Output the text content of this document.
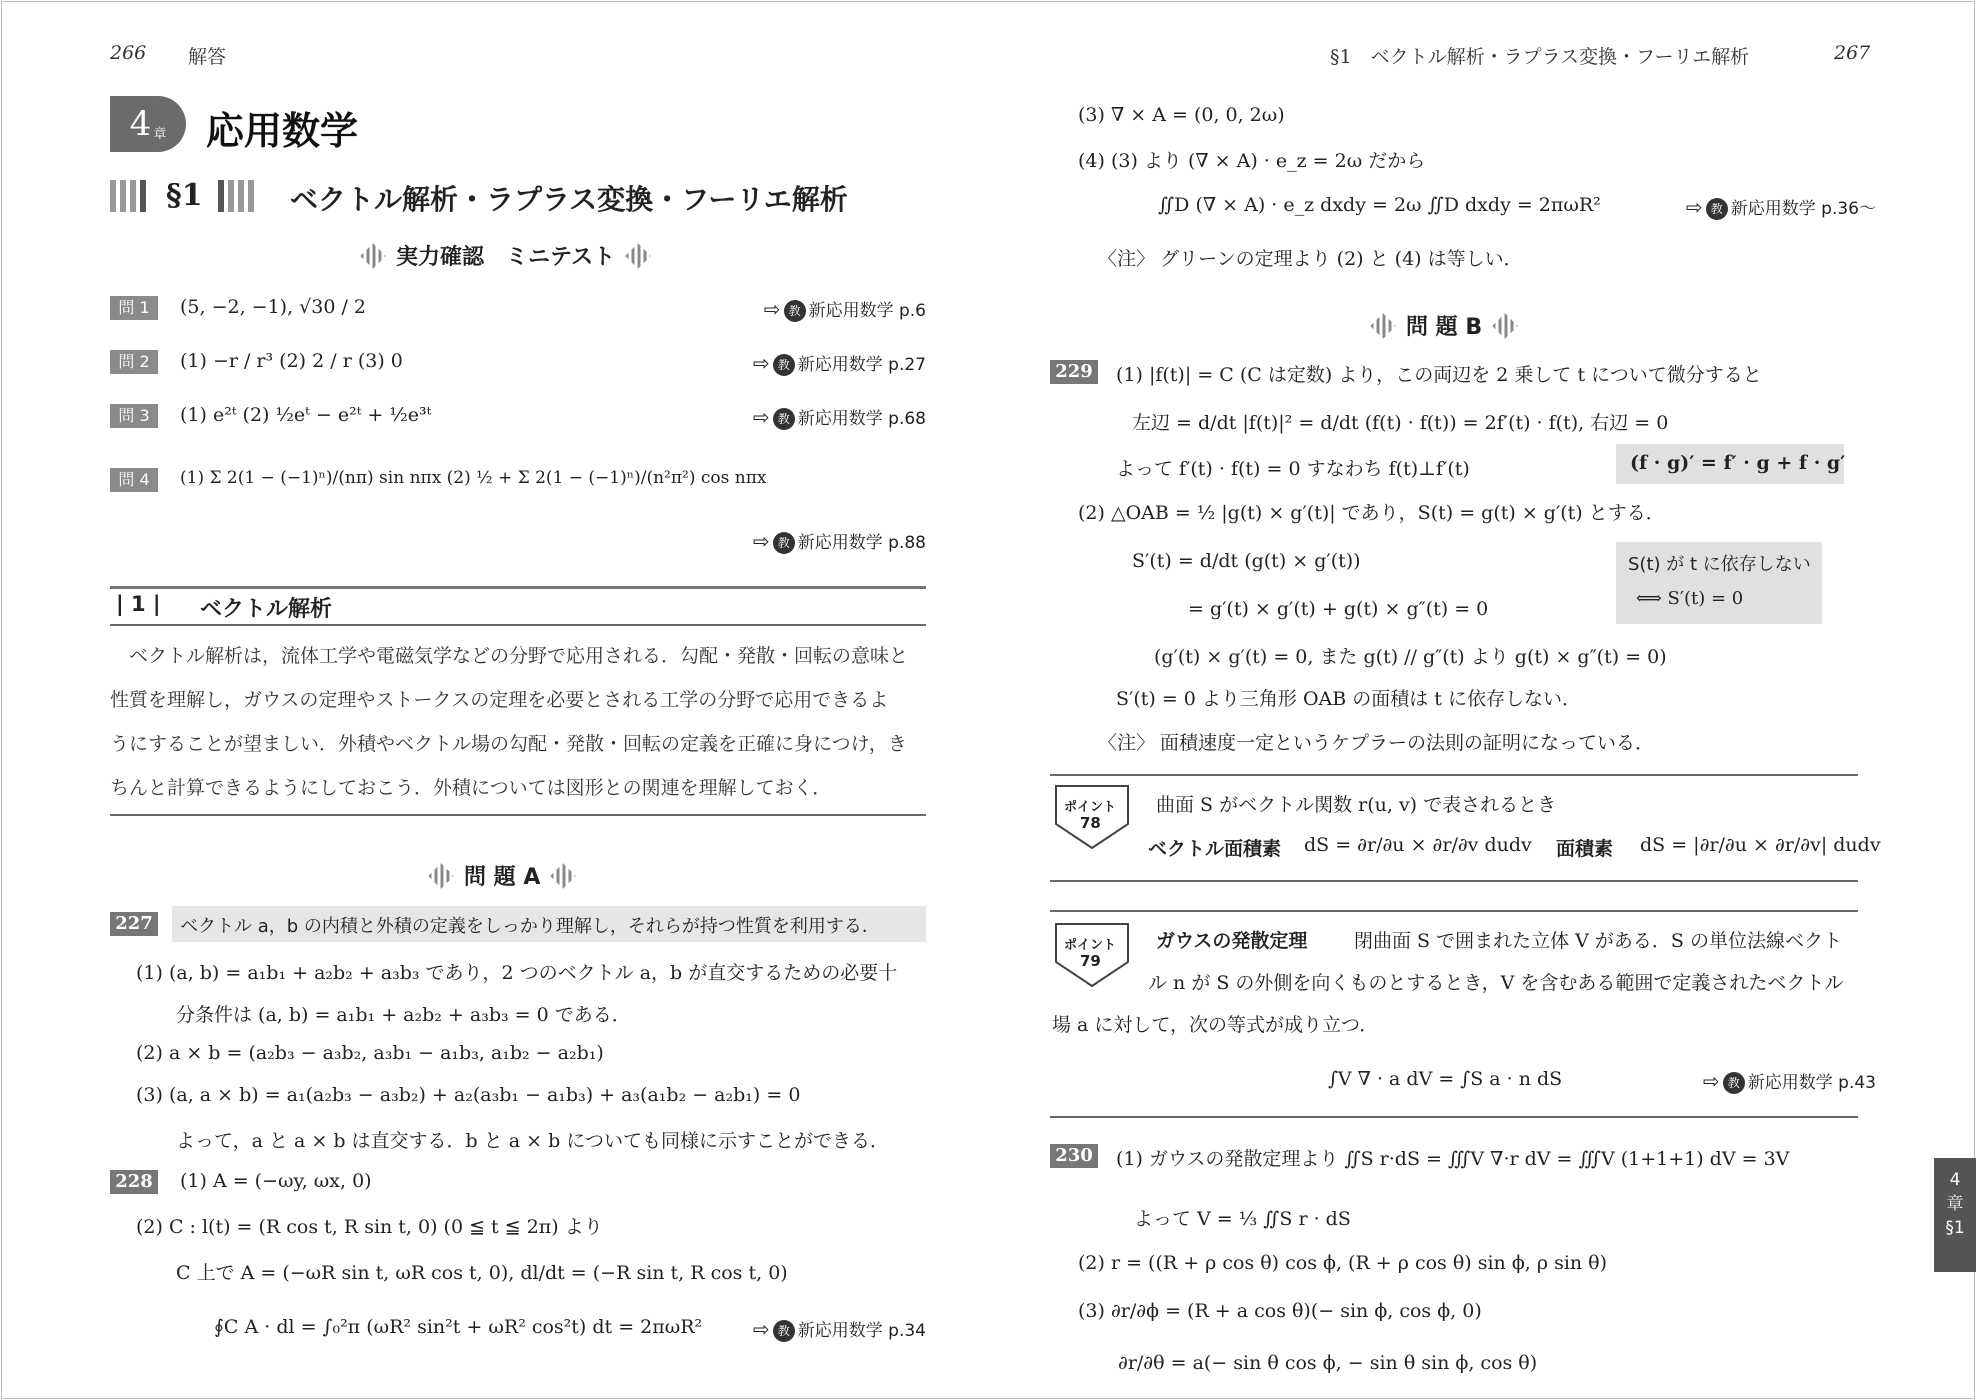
266 解答
4 章 応用数学
§1	ベクトル解析・ラプラス変換・フーリエ解析
実力確認　ミニテスト
問 1	(5, −2, −1), √30 / 2	⇨ 教 新応用数学 p.6
問 2	(1) −r / r³ (2) 2 / r (3) 0	⇨ 教 新応用数学 p.27
問 3	(1) e²ᵗ (2) ½eᵗ − e²ᵗ + ½e³ᵗ	⇨ 教 新応用数学 p.68
問 4	(1) Σ 2(1 − (−1)ⁿ)/(nπ) sin nπx (2) ½ + Σ 2(1 − (−1)ⁿ)/(n²π²) cos nπx
⇨ 教 新応用数学 p.88
| 1 | ベクトル解析
ベクトル解析は，流体工学や電磁気学などの分野で応用される．勾配・発散・回転の意味と
性質を理解し，ガウスの定理やストークスの定理を必要とされる工学の分野で応用できるよ
うにすることが望ましい．外積やベクトル場の勾配・発散・回転の定義を正確に身につけ，き
ちんと計算できるようにしておこう．外積については図形との関連を理解しておく．
問 題 A
227 ベクトル a，b の内積と外積の定義をしっかり理解し，それらが持つ性質を利用する．
(1) (a, b) = a₁b₁ + a₂b₂ + a₃b₃ であり，2 つのベクトル a，b が直交するための必要十
分条件は (a, b) = a₁b₁ + a₂b₂ + a₃b₃ = 0 である．
(2) a × b = (a₂b₃ − a₃b₂, a₃b₁ − a₁b₃, a₁b₂ − a₂b₁)
(3) (a, a × b) = a₁(a₂b₃ − a₃b₂) + a₂(a₃b₁ − a₁b₃) + a₃(a₁b₂ − a₂b₁) = 0
よって，a と a × b は直交する．b と a × b についても同様に示すことができる．
228 (1) A = (−ωy, ωx, 0)
(2) C : l(t) = (R cos t, R sin t, 0) (0 ≦ t ≦ 2π) より
C 上で A = (−ωR sin t, ωR cos t, 0), dl/dt = (−R sin t, R cos t, 0)
∮C A · dl = ∫₀²π (ωR² sin²t + ωR² cos²t) dt = 2πωR²	⇨ 教 新応用数学 p.34
§1　ベクトル解析・ラプラス変換・フーリエ解析	267
(3) ∇ × A = (0, 0, 2ω)
(4) (3) より (∇ × A) · e_z = 2ω だから
∬D (∇ × A) · e_z dxdy = 2ω ∬D dxdy = 2πωR²	⇨ 教 新応用数学 p.36〜
〈注〉 グリーンの定理より (2) と (4) は等しい．
問 題 B
229 (1) |f(t)| = C (C は定数) より，この両辺を 2 乗して t について微分すると
左辺 = d/dt |f(t)|² = d/dt (f(t) · f(t)) = 2f′(t) · f(t), 右辺 = 0
よって f′(t) · f(t) = 0 すなわち f(t)⊥f′(t)	(f · g)′ = f′ · g + f · g′
(2) △OAB = ½ |g(t) × g′(t)| であり，S(t) = g(t) × g′(t) とする．
S′(t) = d/dt (g(t) × g′(t))
= g′(t) × g′(t) + g(t) × g″(t) = 0
S(t) が t に依存しない
⟺ S′(t) = 0
(g′(t) × g′(t) = 0, また g(t) // g″(t) より g(t) × g″(t) = 0)
S′(t) = 0 より三角形 OAB の面積は t に依存しない．
〈注〉 面積速度一定というケプラーの法則の証明になっている．
ポイント
78
曲面 S がベクトル関数 r(u, v) で表されるとき
ベクトル面積素 dS = ∂r/∂u × ∂r/∂v dudv 面積素 dS = |∂r/∂u × ∂r/∂v| dudv
ポイント
79
ガウスの発散定理 閉曲面 S で囲まれた立体 V がある．S の単位法線ベクト
ル n が S の外側を向くものとするとき，V を含むある範囲で定義されたベクトル
場 a に対して，次の等式が成り立つ．
∫V ∇ · a dV = ∫S a · n dS	⇨ 教 新応用数学 p.43
230 (1) ガウスの発散定理より ∬S r·dS = ∭V ∇·r dV = ∭V (1+1+1) dV = 3V
よって V = ⅓ ∬S r · dS
(2) r = ((R + ρ cos θ) cos ϕ, (R + ρ cos θ) sin ϕ, ρ sin θ)
(3) ∂r/∂ϕ = (R + a cos θ)(− sin ϕ, cos ϕ, 0)
∂r/∂θ = a(− sin θ cos ϕ, − sin θ sin ϕ, cos θ)
4
章
§1
